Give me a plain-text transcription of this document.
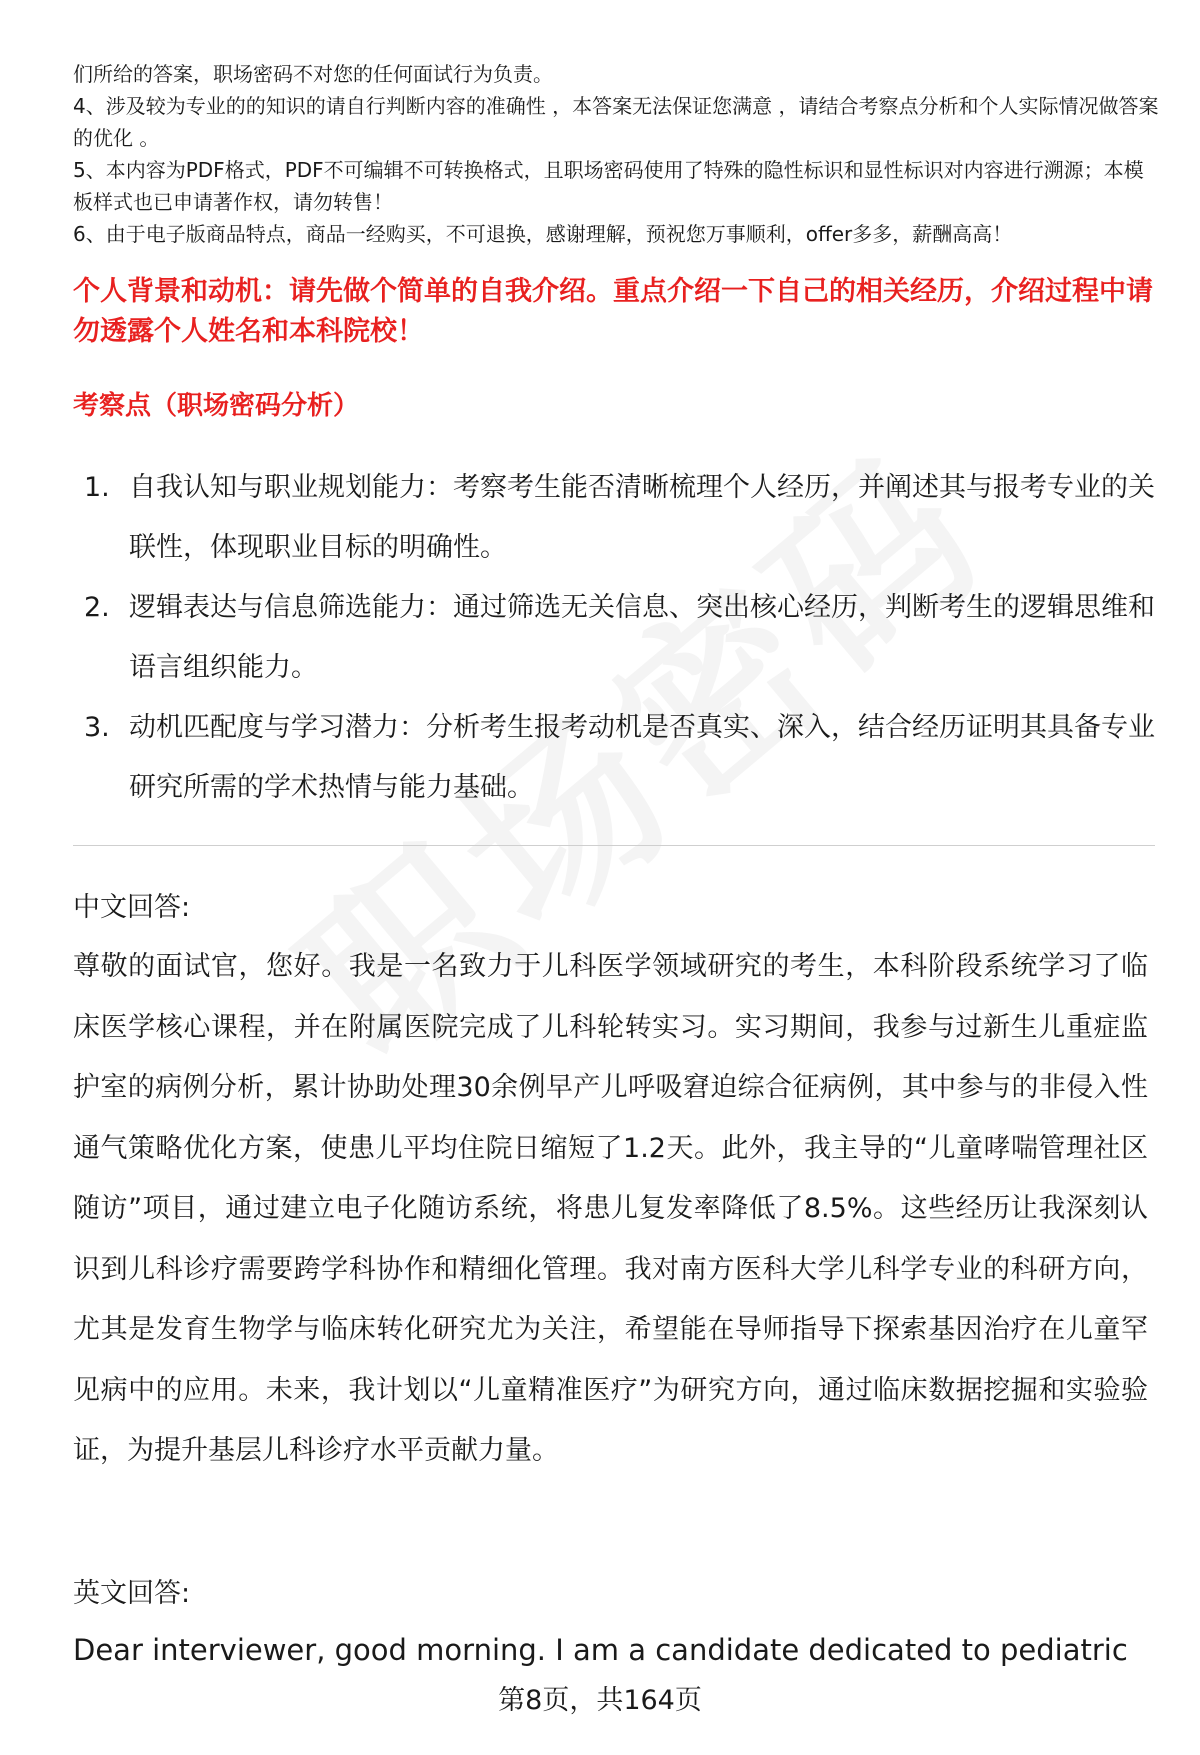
们所给的答案，职场密码不对您的任何面试行为负责。

4、涉及较为专业的的知识的请自行判断内容的准确性 ，本答案无法保证您满意 ，请结合考察点分析和个人实际情况做答案的优化 。

5、本内容为PDF格式，PDF不可编辑不可转换格式，且职场密码使用了特殊的隐性标识和显性标识对内容进行溯源；本模板样式也已申请著作权，请勿转售！

6、由于电子版商品特点，商品一经购买，不可退换，感谢理解，预祝您万事顺利，offer多多，薪酬高高！

个人背景和动机：请先做个简单的自我介绍。重点介绍一下自己的相关经历，介绍过程中请勿透露个人姓名和本科院校！
考察点（职场密码分析）
1. 自我认知与职业规划能力：考察考生能否清晰梳理个人经历，并阐述其与报考专业的关联性，体现职业目标的明确性。
2. 逻辑表达与信息筛选能力：通过筛选无关信息、突出核心经历，判断考生的逻辑思维和语言组织能力。
3. 动机匹配度与学习潜力：分析考生报考动机是否真实、深入，结合经历证明其具备专业研究所需的学术热情与能力基础。
中文回答:

尊敬的面试官，您好。我是一名致力于儿科医学领域研究的考生，本科阶段系统学习了临床医学核心课程，并在附属医院完成了儿科轮转实习。实习期间，我参与过新生儿重症监护室的病例分析，累计协助处理30余例早产儿呼吸窘迫综合征病例，其中参与的非侵入性通气策略优化方案，使患儿平均住院日缩短了1.2天。此外，我主导的“儿童哮喘管理社区随访”项目，通过建立电子化随访系统，将患儿复发率降低了8.5%。这些经历让我深刻认识到儿科诊疗需要跨学科协作和精细化管理。我对南方医科大学儿科学专业的科研方向，尤其是发育生物学与临床转化研究尤为关注，希望能在导师指导下探索基因治疗在儿童罕见病中的应用。未来，我计划以“儿童精准医疗”为研究方向，通过临床数据挖掘和实验验证，为提升基层儿科诊疗水平贡献力量。

英文回答:

Dear interviewer, good morning. I am a candidate dedicated to pediatric

第8页，共164页
